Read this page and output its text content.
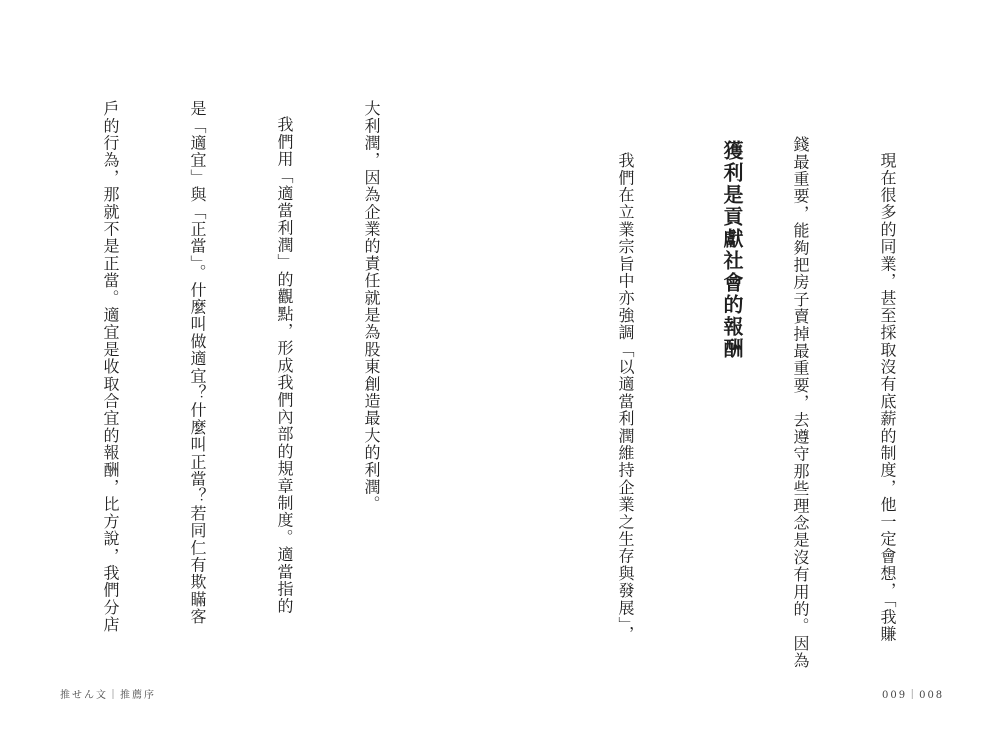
大利潤，因為企業的責任就是為股東創造最大的利潤。

我們用「適當利潤」的觀點，形成我們內部的規章制度。適當指的

是「適宜」與「正當」。什麼叫做適宜？什麼叫正當？若同仁有欺瞞客

戶的行為，那就不是正當。適宜是收取合宜的報酬，比方說，我們分店

推せん文｜推薦序

現在很多的同業，甚至採取沒有底薪的制度，他一定會想，「我賺

錢最重要，能夠把房子賣掉最重要，去遵守那些理念是沒有用的。因為

獲利是貢獻社會的報酬

我們在立業宗旨中亦強調「以適當利潤維持企業之生存與發展」，

009｜008
